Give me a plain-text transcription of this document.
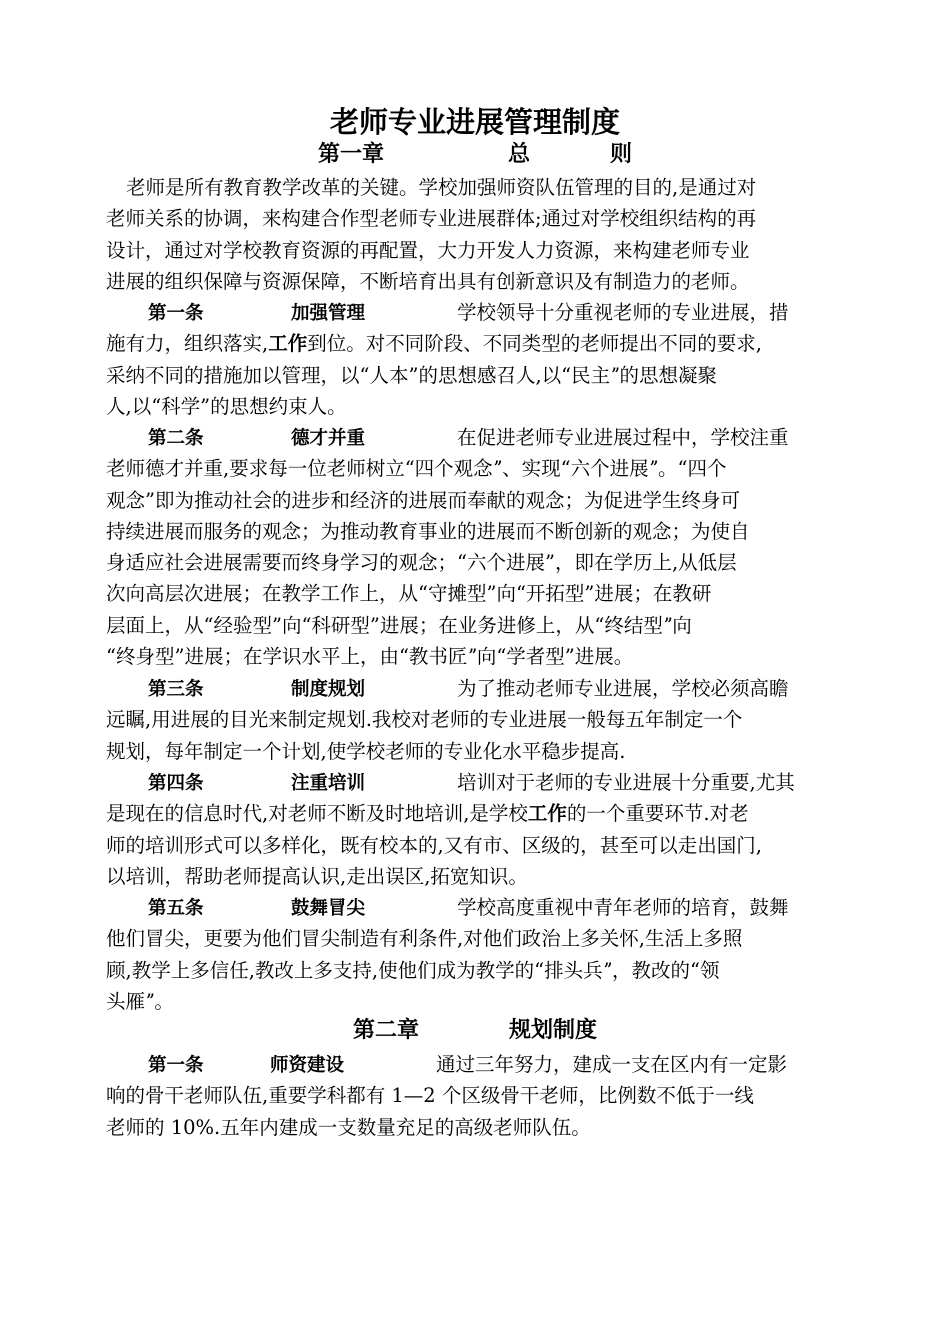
老师专业进展管理制度
第一章	总	则
老师是所有教育教学改革的关键。学校加强师资队伍管理的目的,是通过对
老师关系的协调，来构建合作型老师专业进展群体;通过对学校组织结构的再
设计，通过对学校教育资源的再配置，大力开发人力资源，来构建老师专业
进展的组织保障与资源保障，不断培育出具有创新意识及有制造力的老师。
第一条	加强管理	学校领导十分重视老师的专业进展，措
施有力，组织落实,工作到位。对不同阶段、不同类型的老师提出不同的要求,
采纳不同的措施加以管理，以“人本”的思想感召人,以“民主ˮ的思想凝聚
人,以“科学”的思想约束人。
第二条	德才并重	在促进老师专业进展过程中，学校注重
老师德才并重,要求每一位老师树立“四个观念ˮ、实现“六个进展ˮ。“四个
观念”即为推动社会的进步和经济的进展而奉献的观念；为促进学生终身可
持续进展而服务的观念；为推动教育事业的进展而不断创新的观念；为使自
身适应社会进展需要而终身学习的观念；“六个进展”，即在学历上,从低层
次向高层次进展；在教学工作上，从“守摊型”向“开拓型”进展；在教研
层面上，从“经验型”向“科研型”进展；在业务进修上，从“终结型ˮ向
“终身型”进展；在学识水平上，由“教书匠ˮ向“学者型”进展。
第三条	制度规划	为了推动老师专业进展，学校必须高瞻
远瞩,用进展的目光来制定规划.我校对老师的专业进展一般每五年制定一个
规划，每年制定一个计划,使学校老师的专业化水平稳步提高.
第四条	注重培训	培训对于老师的专业进展十分重要,尤其
是现在的信息时代,对老师不断及时地培训,是学校工作的一个重要环节.对老
师的培训形式可以多样化，既有校本的,又有市、区级的，甚至可以走出国门,
以培训，帮助老师提高认识,走出误区,拓宽知识。
第五条	鼓舞冒尖	学校高度重视中青年老师的培育，鼓舞
他们冒尖，更要为他们冒尖制造有利条件,对他们政治上多关怀,生活上多照
顾,教学上多信任,教改上多支持,使他们成为教学的“排头兵ˮ，教改的“领
头雁ˮ。
第二章	规划制度
第一条	师资建设	通过三年努力，建成一支在区内有一定影
响的骨干老师队伍,重要学科都有 1—2 个区级骨干老师，比例数不低于一线
老师的 10%.五年内建成一支数量充足的高级老师队伍。
